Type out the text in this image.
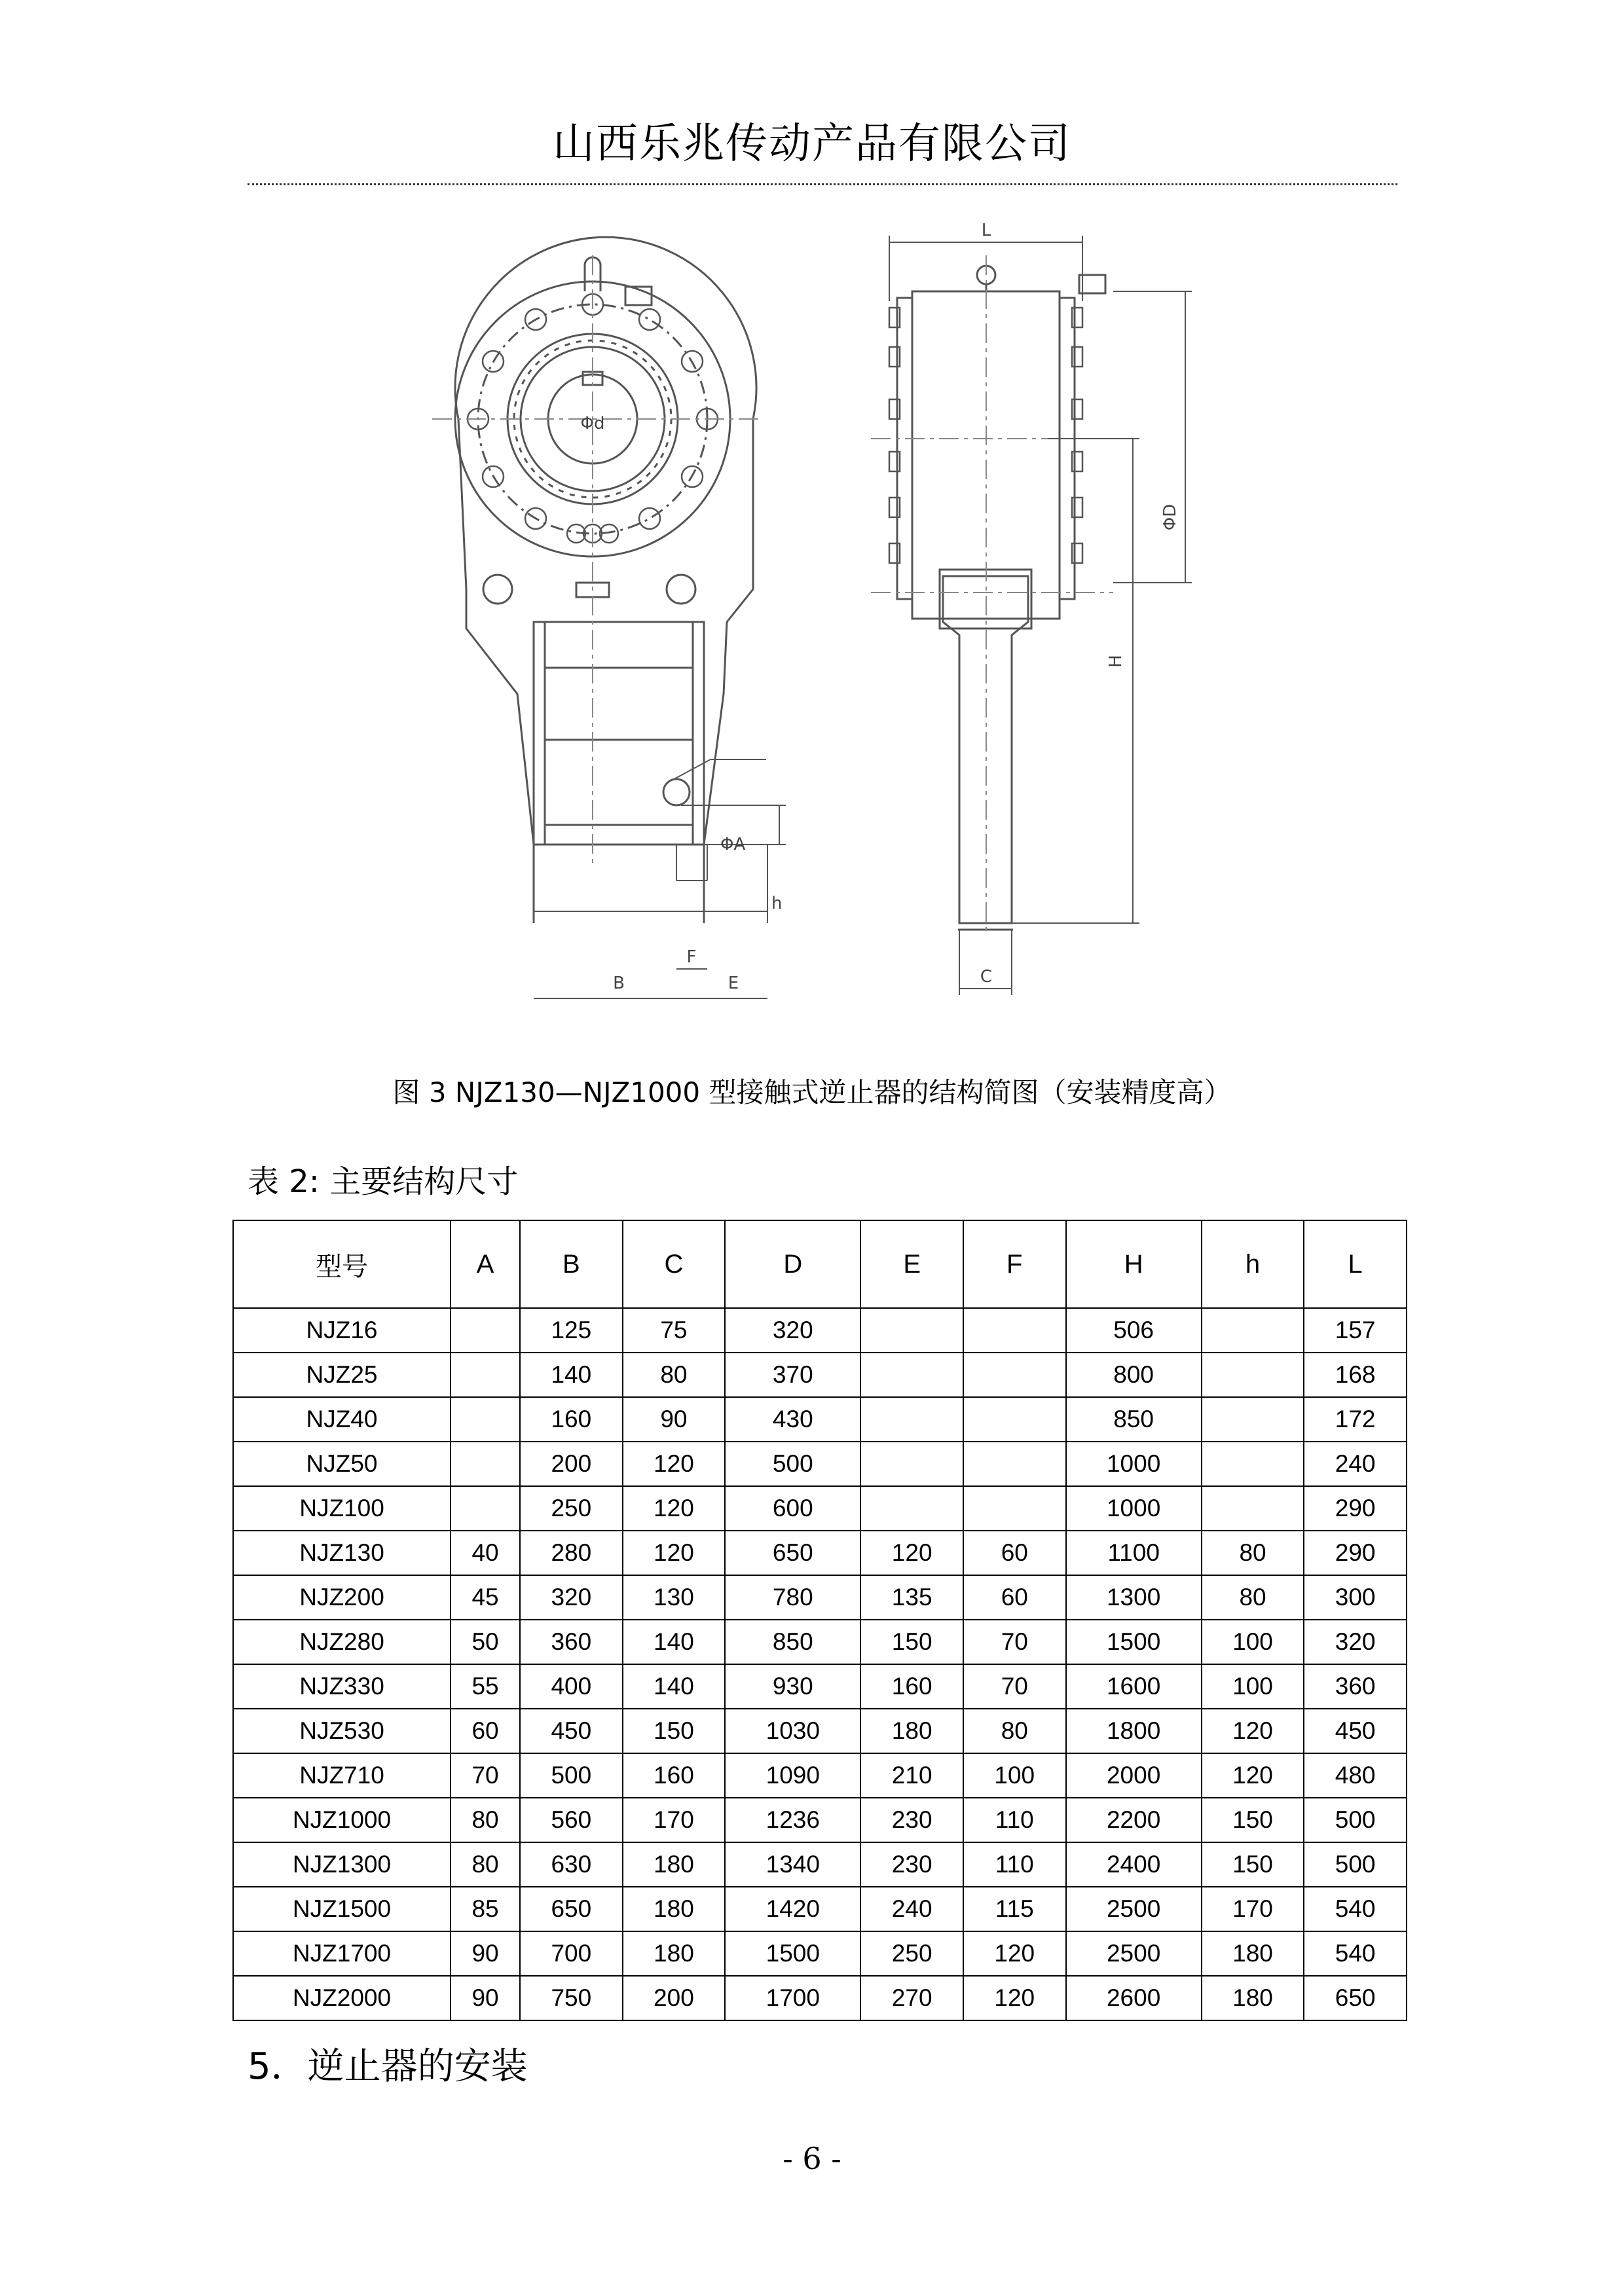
山西乐兆传动产品有限公司
Φd
B	E
F
ΦA
h
L
ΦD
H
C
图 3 NJZ130—NJZ1000 型接触式逆止器的结构简图（安装精度高）
表 2: 主要结构尺寸
型号	A	B	C	D	E	F	H	h	L
NJZ16		125	75	320			506		157
NJZ25		140	80	370			800		168
NJZ40		160	90	430			850		172
NJZ50		200	120	500			1000		240
NJZ100		250	120	600			1000		290
NJZ130	40	280	120	650	120	60	1100	80	290
NJZ200	45	320	130	780	135	60	1300	80	300
NJZ280	50	360	140	850	150	70	1500	100	320
NJZ330	55	400	140	930	160	70	1600	100	360
NJZ530	60	450	150	1030	180	80	1800	120	450
NJZ710	70	500	160	1090	210	100	2000	120	480
NJZ1000	80	560	170	1236	230	110	2200	150	500
NJZ1300	80	630	180	1340	230	110	2400	150	500
NJZ1500	85	650	180	1420	240	115	2500	170	540
NJZ1700	90	700	180	1500	250	120	2500	180	540
NJZ2000	90	750	200	1700	270	120	2600	180	650
5．逆止器的安装
- 6 -
